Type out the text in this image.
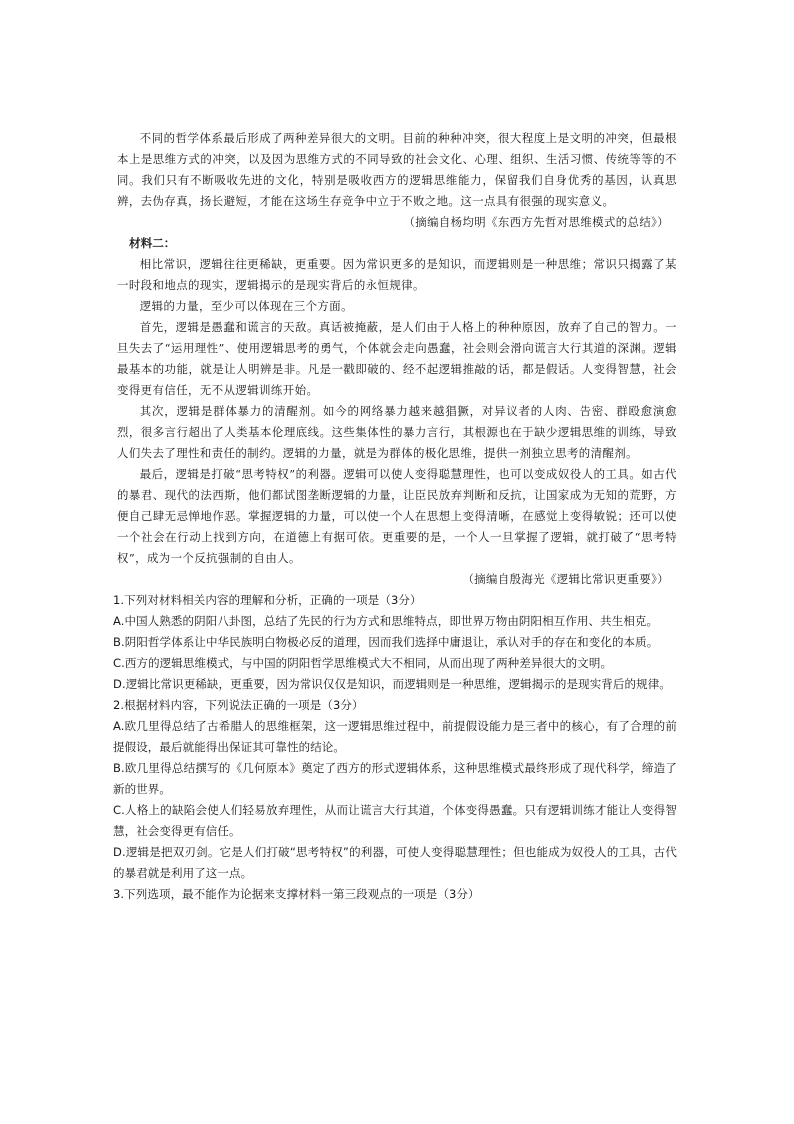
不同的哲学体系最后形成了两种差异很大的文明。目前的种种冲突，很大程度上是文明的冲突，但最根本上是思维方式的冲突，以及因为思维方式的不同导致的社会文化、心理、组织、生活习惯、传统等等的不同。我们只有不断吸收先进的文化，特别是吸收西方的逻辑思维能力，保留我们自身优秀的基因，认真思辨，去伪存真，扬长避短，才能在这场生存竞争中立于不败之地。这一点具有很强的现实意义。

（摘编自杨均明《东西方先哲对思维模式的总结》）

材料二：

相比常识，逻辑往往更稀缺，更重要。因为常识更多的是知识，而逻辑则是一种思维；常识只揭露了某一时段和地点的现实，逻辑揭示的是现实背后的永恒规律。

逻辑的力量，至少可以体现在三个方面。

首先，逻辑是愚蠢和谎言的天敌。真话被掩蔽，是人们由于人格上的种种原因，放弃了自己的智力。一旦失去了“运用理性”、使用逻辑思考的勇气，个体就会走向愚蠢，社会则会滑向谎言大行其道的深渊。逻辑最基本的功能，就是让人明辨是非。凡是一戳即破的、经不起逻辑推敲的话，都是假话。人变得智慧，社会变得更有信任，无不从逻辑训练开始。

其次，逻辑是群体暴力的清醒剂。如今的网络暴力越来越猖獗，对异议者的人肉、告密、群殴愈演愈烈，很多言行超出了人类基本伦理底线。这些集体性的暴力言行，其根源也在于缺少逻辑思维的训练，导致人们失去了理性和责任的制约。逻辑的力量，就是为群体的极化思维，提供一剂独立思考的清醒剂。

最后，逻辑是打破“思考特权”的利器。逻辑可以使人变得聪慧理性，也可以变成奴役人的工具。如古代的暴君、现代的法西斯，他们都试图垄断逻辑的力量，让臣民放弃判断和反抗，让国家成为无知的荒野，方便自己肆无忌惮地作恶。掌握逻辑的力量，可以使一个人在思想上变得清晰，在感觉上变得敏锐；还可以使一个社会在行动上找到方向，在道德上有据可依。更重要的是，一个人一旦掌握了逻辑，就打破了“思考特权”，成为一个反抗强制的自由人。

（摘编自殷海光《逻辑比常识更重要》）

1.下列对材料相关内容的理解和分析，正确的一项是（3分）

A.中国人熟悉的阴阳八卦图，总结了先民的行为方式和思维特点，即世界万物由阴阳相互作用、共生相克。

B.阴阳哲学体系让中华民族明白物极必反的道理，因而我们选择中庸退让，承认对手的存在和变化的本质。

C.西方的逻辑思维模式，与中国的阴阳哲学思维模式大不相同，从而出现了两种差异很大的文明。

D.逻辑比常识更稀缺，更重要，因为常识仅仅是知识，而逻辑则是一种思维，逻辑揭示的是现实背后的规律。

2.根据材料内容，下列说法正确的一项是（3分）

A.欧几里得总结了古希腊人的思维框架，这一逻辑思维过程中，前提假设能力是三者中的核心，有了合理的前提假设，最后就能得出保证其可靠性的结论。

B.欧几里得总结撰写的《几何原本》奠定了西方的形式逻辑体系，这种思维模式最终形成了现代科学，缔造了新的世界。

C.人格上的缺陷会使人们轻易放弃理性，从而让谎言大行其道，个体变得愚蠢。只有逻辑训练才能让人变得智慧，社会变得更有信任。

D.逻辑是把双刃剑。它是人们打破“思考特权”的利器，可使人变得聪慧理性；但也能成为奴役人的工具，古代的暴君就是利用了这一点。

3.下列选项，最不能作为论据来支撑材料一第三段观点的一项是（3分）
